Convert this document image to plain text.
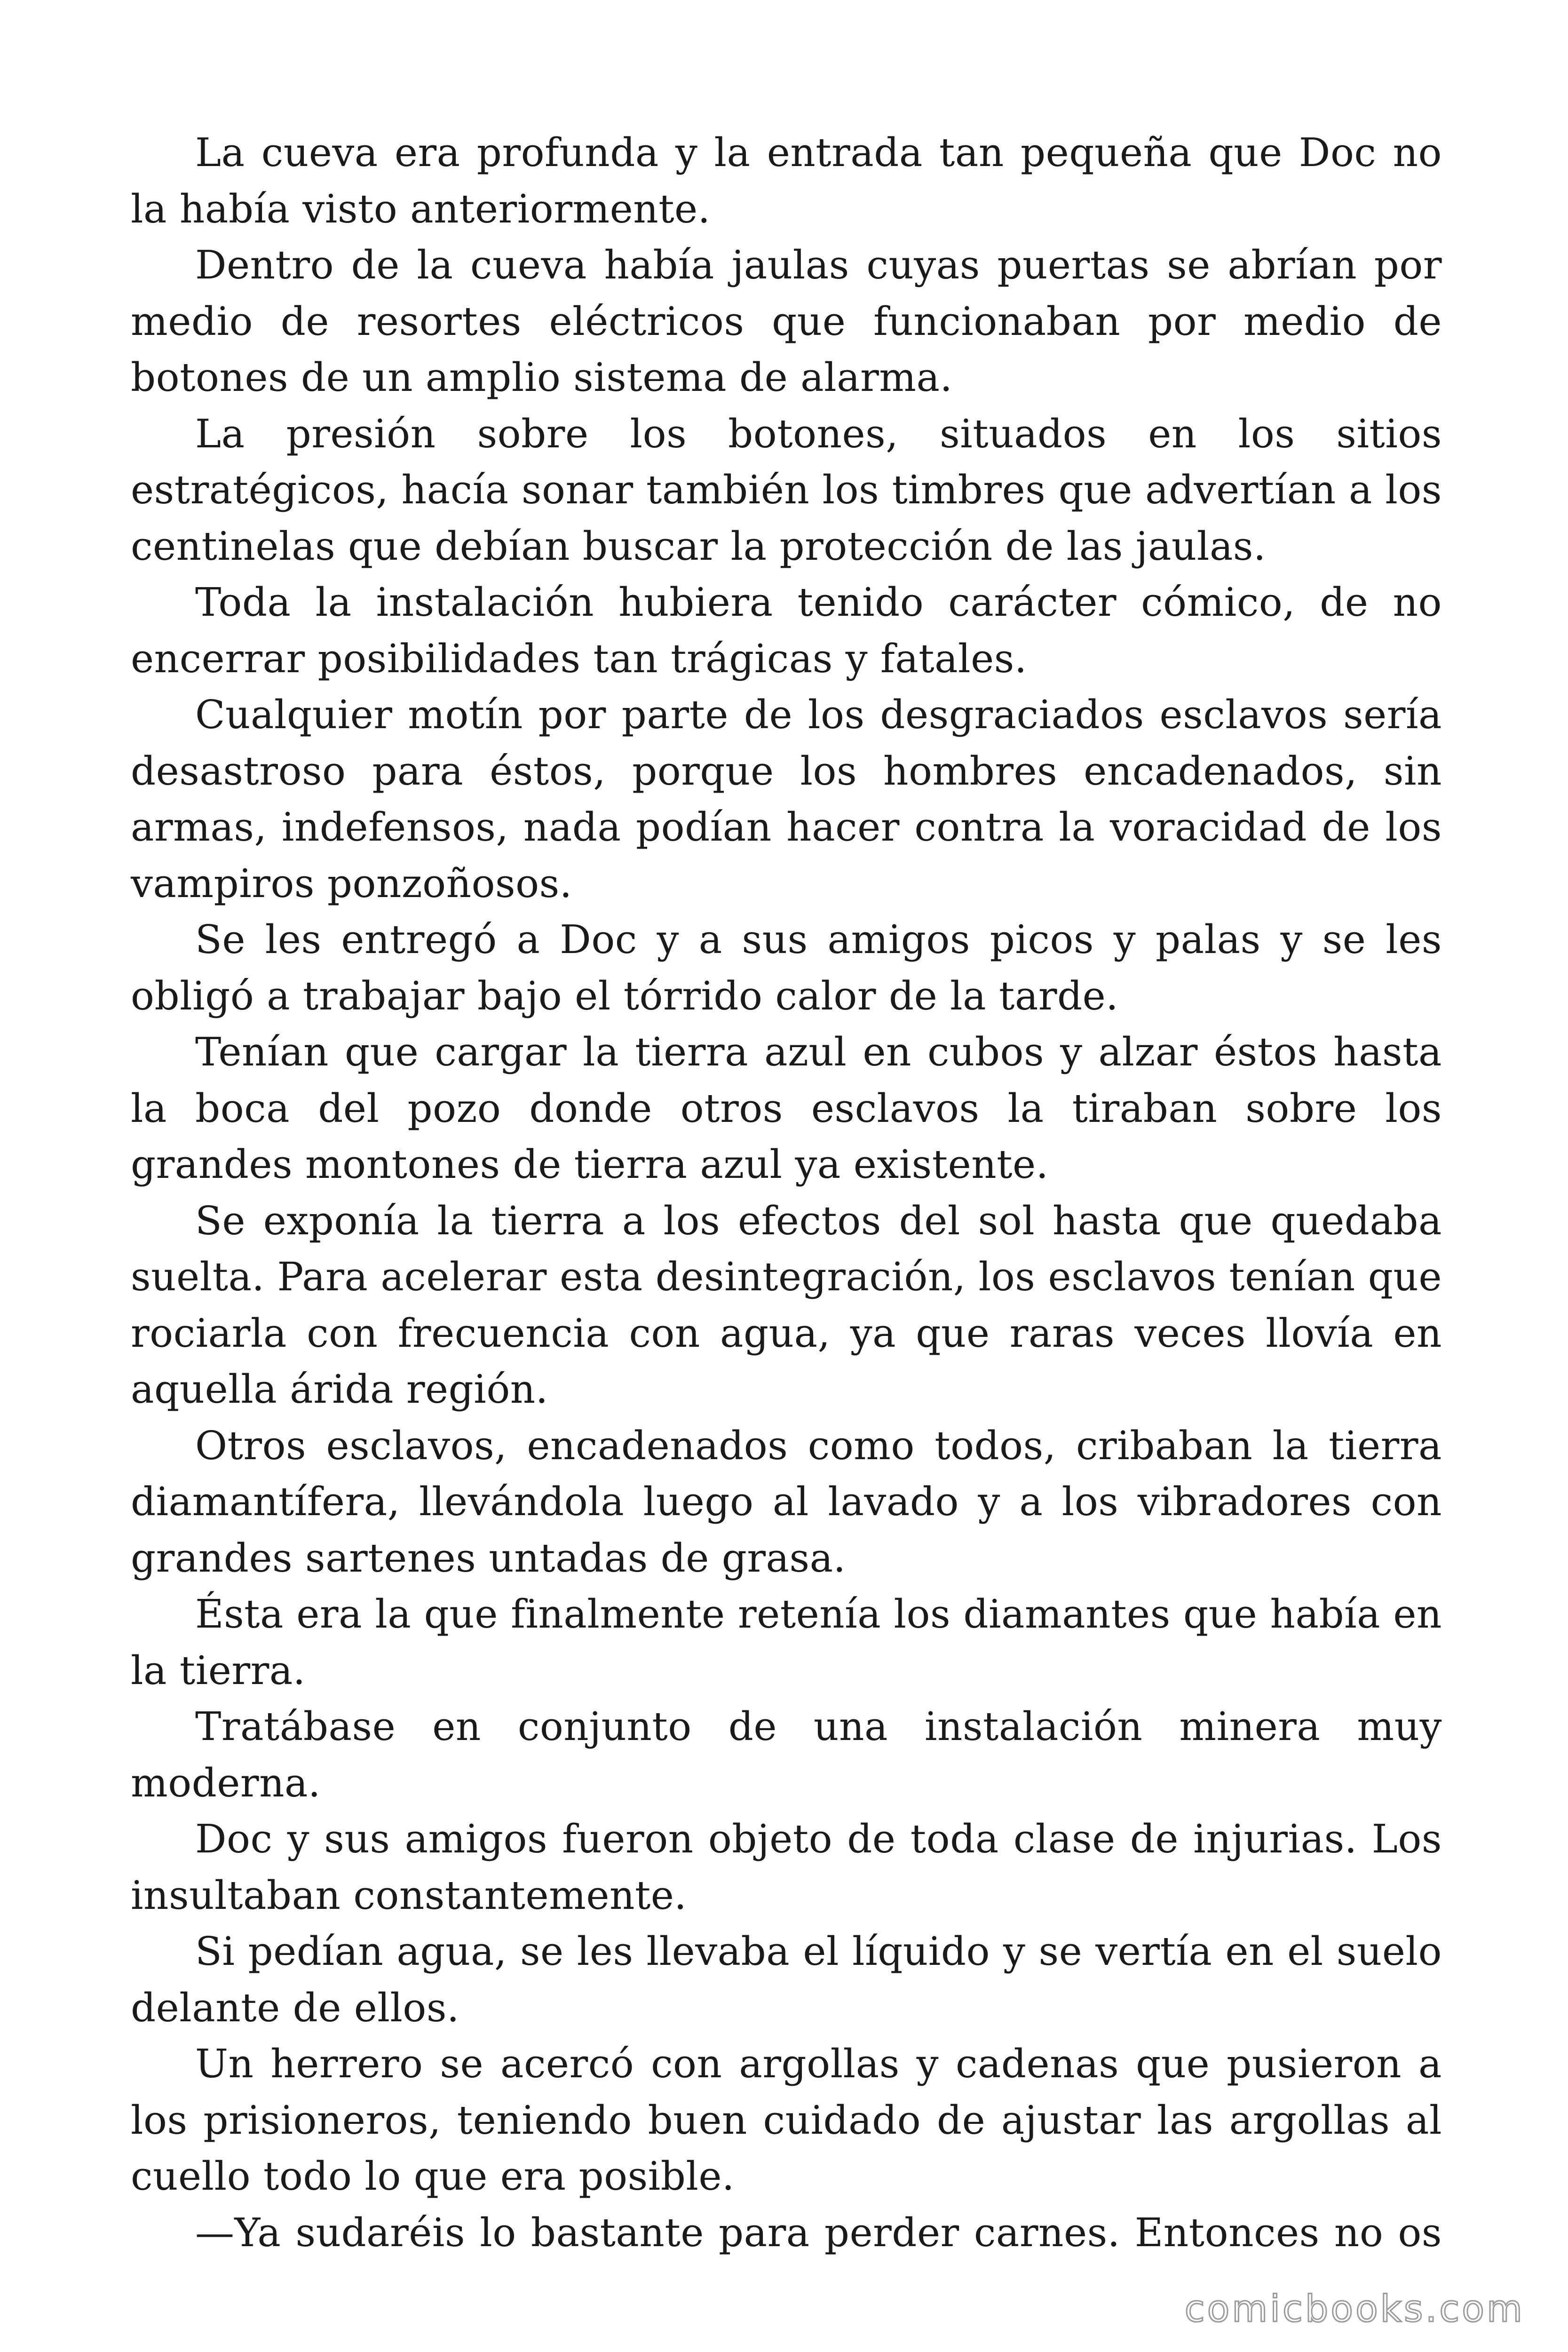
La cueva era profunda y la entrada tan pequeña que Doc no la había visto anteriormente.

Dentro de la cueva había jaulas cuyas puertas se abrían por medio de resortes eléctricos que funcionaban por medio de botones de un amplio sistema de alarma.

La presión sobre los botones, situados en los sitios estratégicos, hacía sonar también los timbres que advertían a los centinelas que debían buscar la protección de las jaulas.

Toda la instalación hubiera tenido carácter cómico, de no encerrar posibilidades tan trágicas y fatales.

Cualquier motín por parte de los desgraciados esclavos sería desastroso para éstos, porque los hombres encadenados, sin armas, indefensos, nada podían hacer contra la voracidad de los vampiros ponzoñosos.

Se les entregó a Doc y a sus amigos picos y palas y se les obligó a trabajar bajo el tórrido calor de la tarde.

Tenían que cargar la tierra azul en cubos y alzar éstos hasta la boca del pozo donde otros esclavos la tiraban sobre los grandes montones de tierra azul ya existente.

Se exponía la tierra a los efectos del sol hasta que quedaba suelta. Para acelerar esta desintegración, los esclavos tenían que rociarla con frecuencia con agua, ya que raras veces llovía en aquella árida región.

Otros esclavos, encadenados como todos, cribaban la tierra diamantífera, llevándola luego al lavado y a los vibradores con grandes sartenes untadas de grasa.

Ésta era la que finalmente retenía los diamantes que había en la tierra.

Tratábase en conjunto de una instalación minera muy moderna.

Doc y sus amigos fueron objeto de toda clase de injurias. Los insultaban constantemente.

Si pedían agua, se les llevaba el líquido y se vertía en el suelo delante de ellos.

Un herrero se acercó con argollas y cadenas que pusieron a los prisioneros, teniendo buen cuidado de ajustar las argollas al cuello todo lo que era posible.

—Ya sudaréis lo bastante para perder carnes. Entonces no os

comicbooks.com
